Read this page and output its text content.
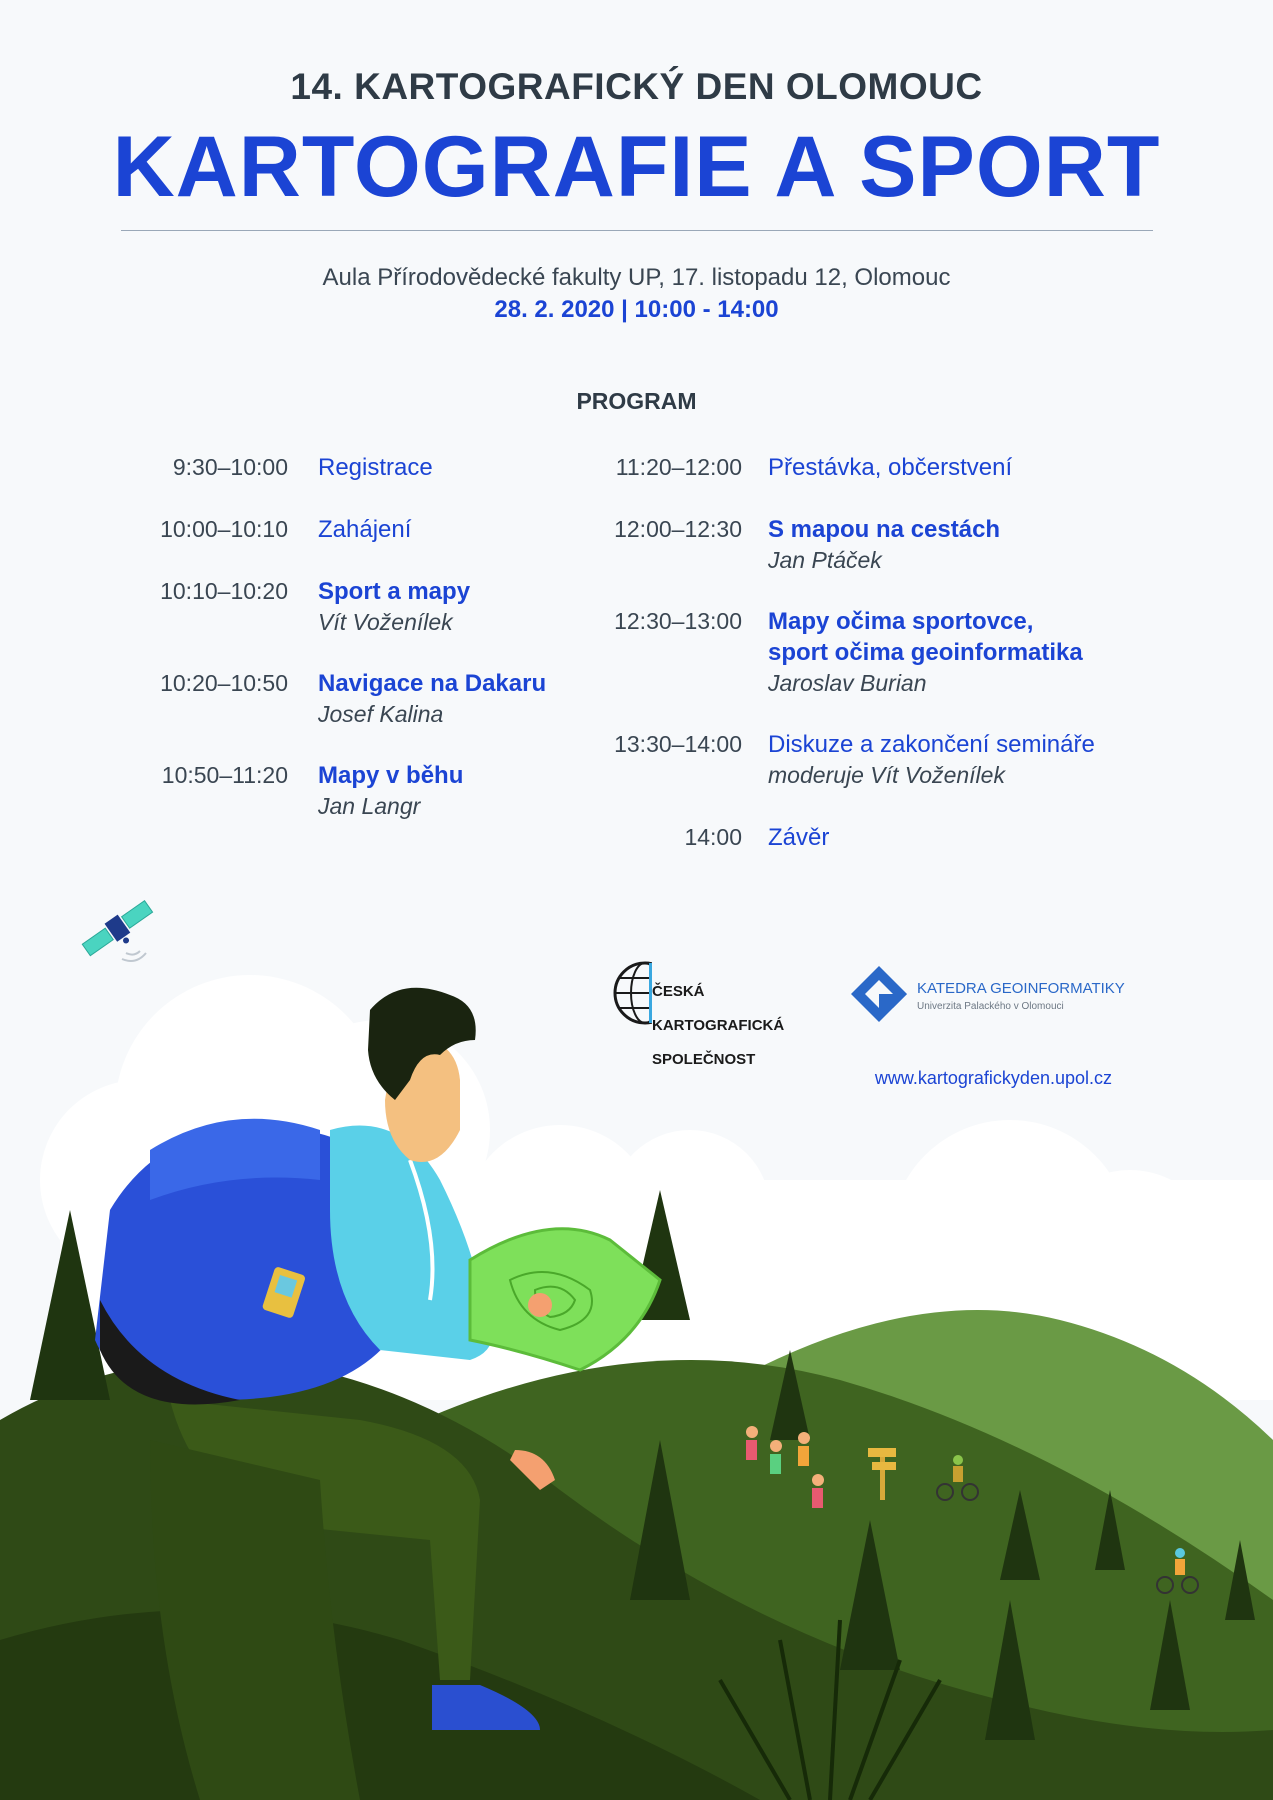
14. KARTOGRAFICKÝ DEN OLOMOUC
KARTOGRAFIE A SPORT
Aula Přírodovědecké fakulty UP, 17. listopadu 12, Olomouc
28. 2. 2020 | 10:00 - 14:00
PROGRAM
9:30–10:00 Registrace
10:00–10:10 Zahájení
10:10–10:20 Sport a mapy
Vít Voženílek
10:20–10:50 Navigace na Dakaru
Josef Kalina
10:50–11:20 Mapy v běhu
Jan Langr
11:20–12:00 Přestávka, občerstvení
12:00–12:30 S mapou na cestách
Jan Ptáček
12:30–13:00 Mapy očima sportovce,
sport očima geoinformatika
Jaroslav Burian
13:30–14:00 Diskuze a zakončení semináře
moderuje Vít Voženílek
14:00 Závěr

ČESKÁ

KARTOGRAFICKÁ

SPOLEČNOST

KATEDRA GEOINFORMATIKY
Univerzita Palackého v Olomouci
www.kartografickyden.upol.cz
